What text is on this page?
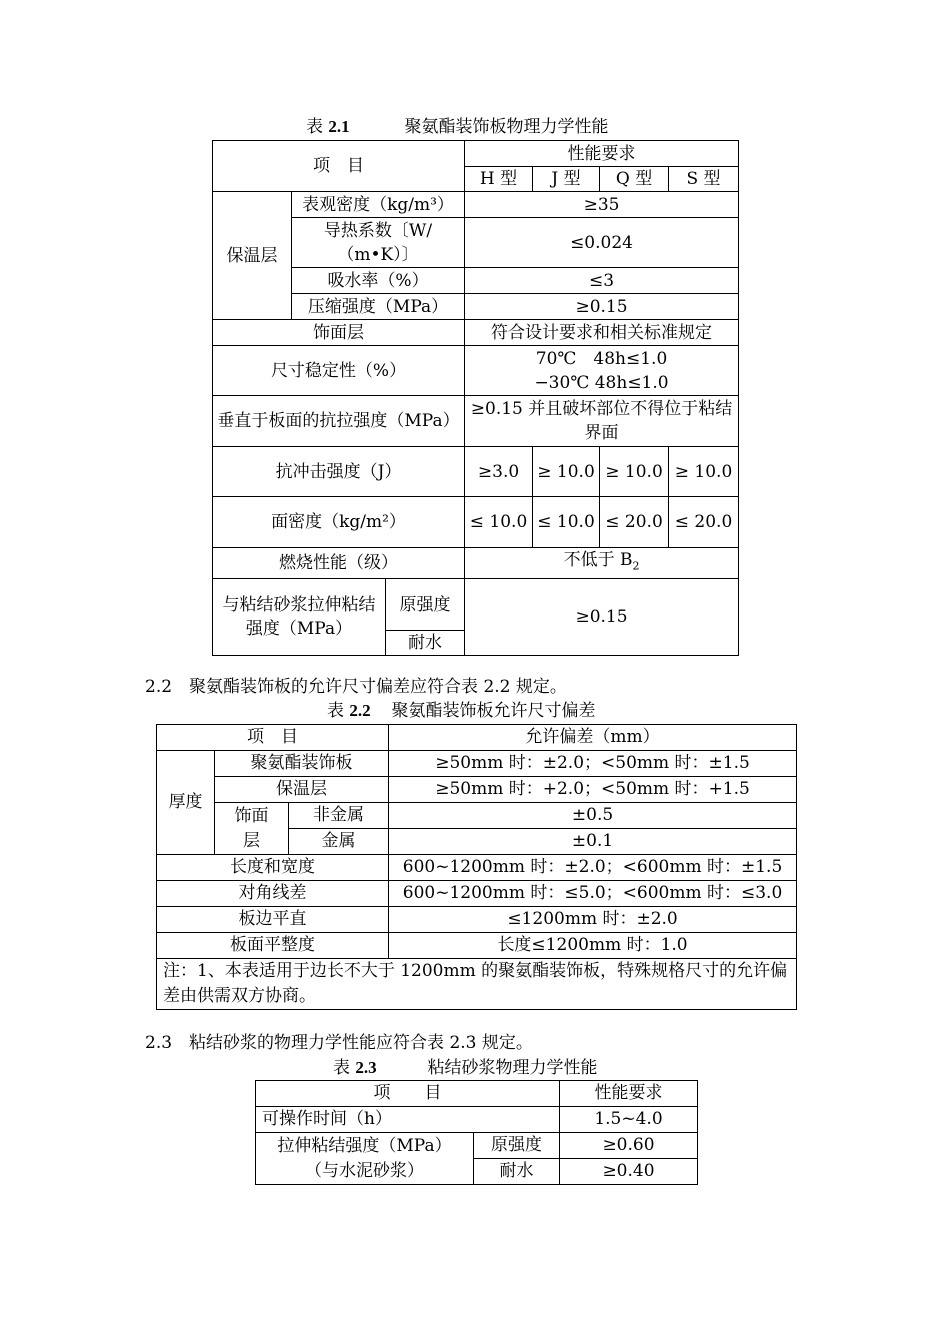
表 2.1	聚氨酯装饰板物理力学性能
项　目			性能要求			
			H 型	J 型	Q 型	S 型
保温层	表观密度（kg/m³）		≥35			
	导热系数〔W/（m•K）〕		≤0.024			
	吸水率（%）		≤3			
	压缩强度（MPa）		≥0.15			
饰面层			符合设计要求和相关标准规定			
尺寸稳定性（%）			70℃　48h≤1.0
−30℃ 48h≤1.0			

垂直于板面的抗拉强度（MPa）			≥0.15 并且破坏部位不得位于粘结界面			
抗冲击强度（J）			≥3.0	≥ 10.0	≥ 10.0	≥ 10.0
面密度（kg/m²）			≤ 10.0	≤ 10.0	≤ 20.0	≤ 20.0
燃烧性能（级）			不低于 $B_2$
与粘结砂浆拉伸粘结强度（MPa）		原强度	≥0.15			
		耐水				
2.2　聚氨酯装饰板的允许尺寸偏差应符合表 2.2 规定。
表 2.2 聚氨酯装饰板允许尺寸偏差
项　目			允许偏差（mm）
厚度	聚氨酯装饰板		≥50mm 时：±2.0；<50mm 时：±1.5
	保温层		≥50mm 时：+2.0；<50mm 时：+1.5
	饰面层	非金属	±0.5
		金属	±0.1
长度和宽度			600~1200mm 时：±2.0；<600mm 时：±1.5
对角线差			600~1200mm 时：≤5.0；<600mm 时：≤3.0
板边平直			≤1200mm 时：±2.0
板面平整度			长度≤1200mm 时：1.0
注：1、本表适用于边长不大于 1200mm 的聚氨酯装饰板，特殊规格尺寸的允许偏差由供需双方协商。			
2.3　粘结砂浆的物理力学性能应符合表 2.3 规定。
表 2.3	粘结砂浆物理力学性能
项　　目		性能要求
可操作时间（h）		1.5~4.0
拉伸粘结强度（MPa）（与水泥砂浆）	原强度	≥0.60
	耐水	≥0.40
